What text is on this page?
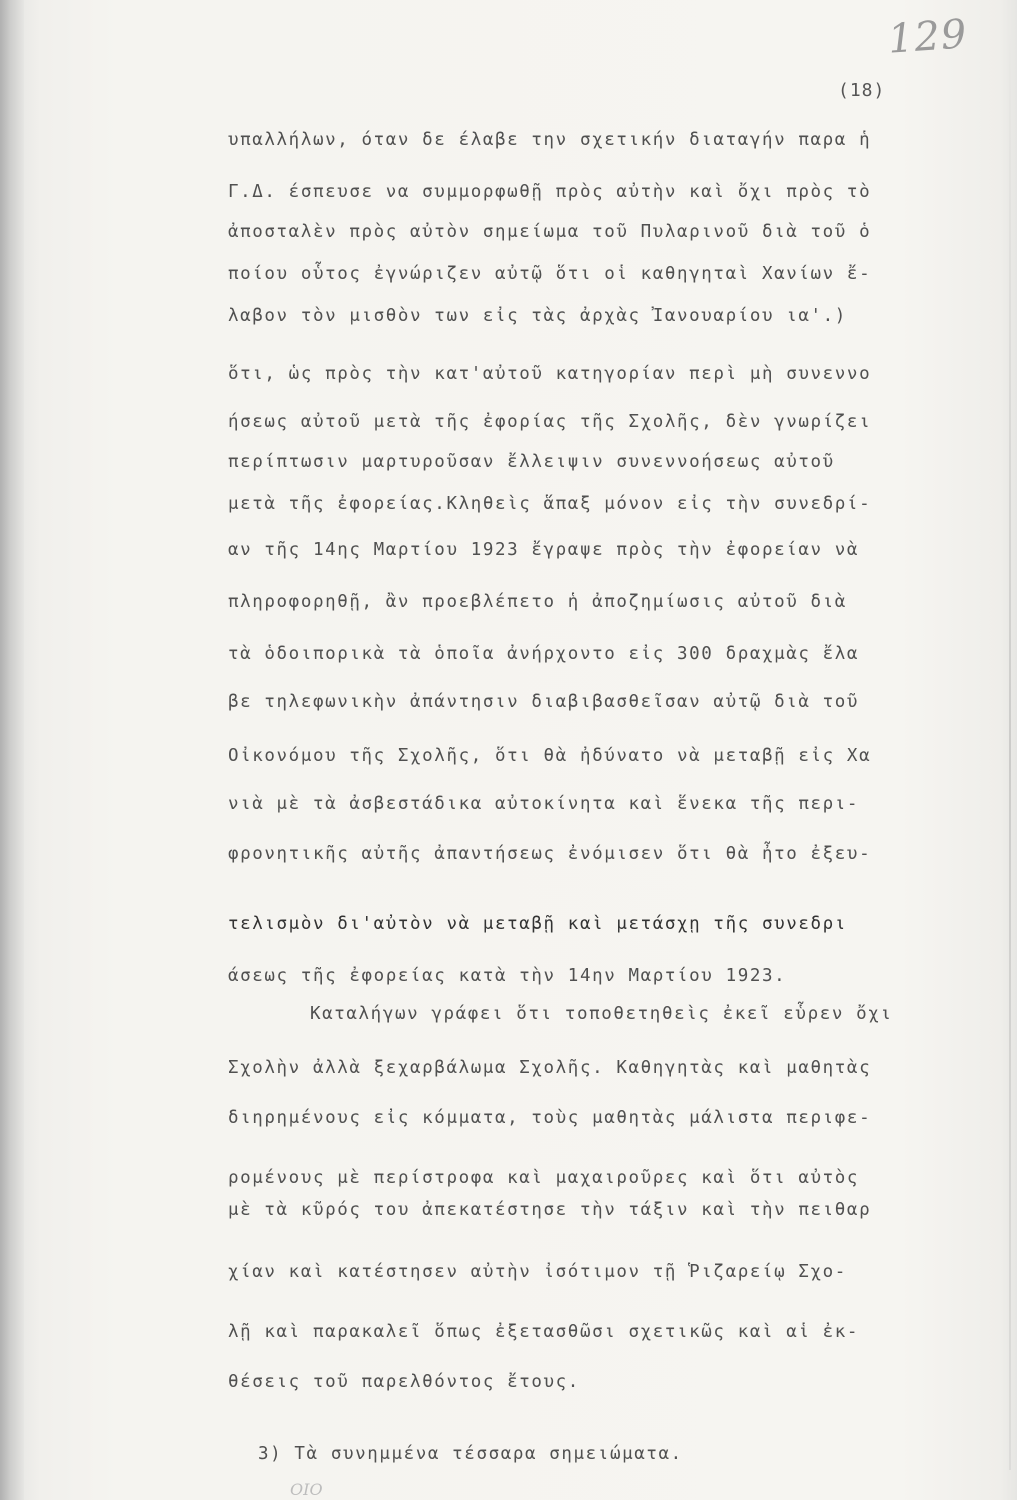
129
(18)
υπαλλήλων, όταν δε έλαβε την σχετικήν διαταγήν παρα ἡ
Γ.Δ. έσπευσε να συμμορφωθῇ πρὸς αὐτὴν καὶ ὄχι πρὸς τὸ
ἀποσταλὲν πρὸς αὐτὸν σημείωμα τοῦ Πυλαρινοῦ διὰ τοῦ ὁ
ποίου οὗτος ἐγνώριζεν αὐτῷ ὅτι οἱ καθηγηταὶ Χανίων ἔ-
λαβον τὸν μισθὸν των εἰς τὰς ἀρχὰς Ἰανουαρίου ια'.)
ὅτι, ὡς πρὸς τὴν κατ'αὐτοῦ κατηγορίαν περὶ μὴ συνεννο
ήσεως αὐτοῦ μετὰ τῆς ἐφορίας τῆς Σχολῆς, δὲν γνωρίζει
περίπτωσιν μαρτυροῦσαν ἔλλειψιν συνεννοήσεως αὐτοῦ
μετὰ τῆς ἐφορείας.Κληθεὶς ἅπαξ μόνον εἰς τὴν συνεδρί-
αν τῆς 14ης Μαρτίου 1923 ἔγραψε πρὸς τὴν ἐφορείαν νὰ
πληροφορηθῇ, ἂν προεβλέπετο ἡ ἀποζημίωσις αὐτοῦ διὰ
τὰ ὁδοιπορικὰ τὰ ὁποῖα ἀνήρχοντο εἰς 300 δραχμὰς ἔλα
βε τηλεφωνικὴν ἀπάντησιν διαβιβασθεῖσαν αὐτῷ διὰ τοῦ
Οἰκονόμου τῆς Σχολῆς, ὅτι θὰ ἠδύνατο νὰ μεταβῇ εἰς Χα
νιὰ μὲ τὰ ἀσβεστάδικα αὐτοκίνητα καὶ ἕνεκα τῆς περι-
φρονητικῆς αὐτῆς ἀπαντήσεως ἐνόμισεν ὅτι θὰ ἦτο ἐξευ-
τελισμὸν δι'αὐτὸν νὰ μεταβῇ καὶ μετάσχῃ τῆς συνεδρι
άσεως τῆς ἐφορείας κατὰ τὴν 14ην Μαρτίου 1923.
Καταλήγων γράφει ὅτι τοποθετηθεὶς ἐκεῖ εὗρεν ὄχι
Σχολὴν ἀλλὰ ξεχαρβάλωμα Σχολῆς. Καθηγητὰς καὶ μαθητὰς
διηρημένους εἰς κόμματα, τοὺς μαθητὰς μάλιστα περιφε-
ρομένους μὲ περίστροφα καὶ μαχαιροῦρες καὶ ὅτι αὐτὸς
μὲ τὰ κῦρός του ἀπεκατέστησε τὴν τάξιν καὶ τὴν πειθαρ
χίαν καὶ κατέστησεν αὐτὴν ἰσότιμον τῇ Ῥιζαρείῳ Σχο-
λῇ καὶ παρακαλεῖ ὅπως ἐξετασθῶσι σχετικῶς καὶ αἱ ἐκ-
θέσεις τοῦ παρελθόντος ἔτους.
3) Τὰ συνημμένα τέσσαρα σημειώματα.
ΟΙΟ
